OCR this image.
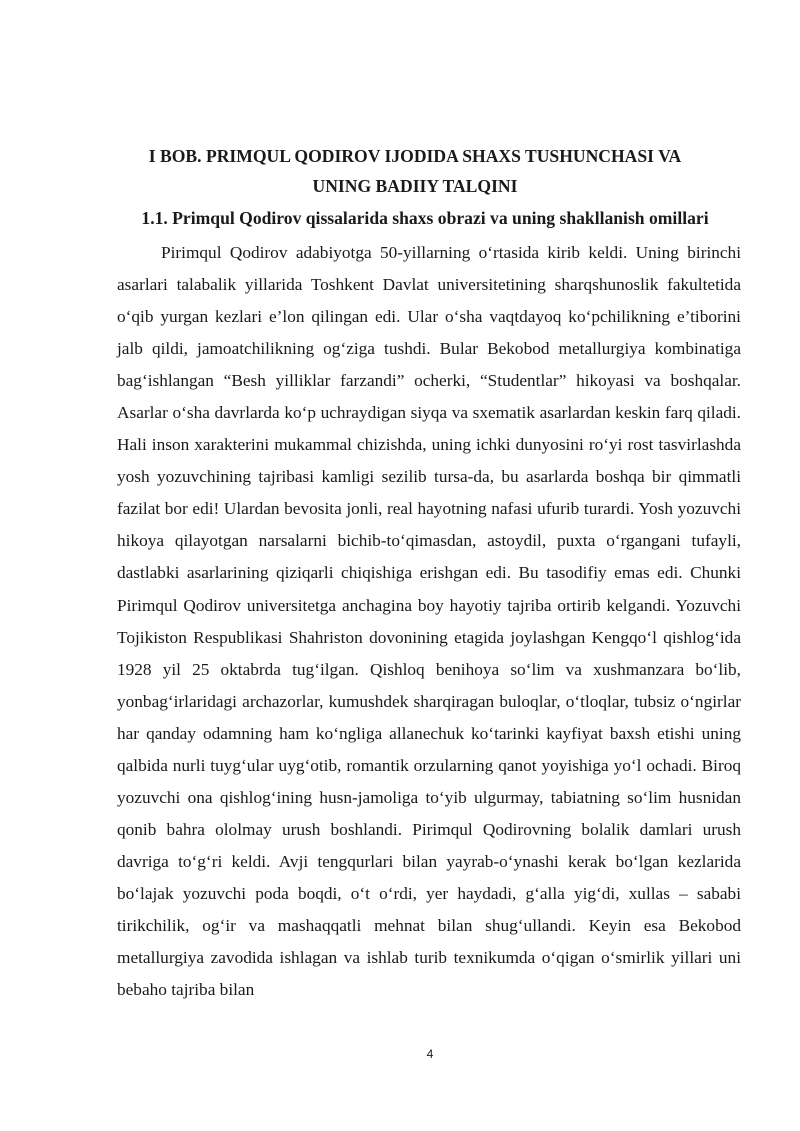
I BOB. PRIMQUL QODIROV IJODIDA SHAXS TUSHUNCHASI VA
UNING BADIIY TALQINI
1.1. Primqul Qodirov qissalarida shaxs obrazi va uning shakllanish omillari

Pirimqul Qodirov adabiyotga 50-yillarning o‘rtasida kirib keldi. Uning birinchi asarlari talabalik yillarida Toshkent Davlat universitetining sharqshunoslik fakultetida o‘qib yurgan kezlari e’lon qilingan edi. Ular o‘sha vaqtdayoq ko‘pchilikning e’tiborini jalb qildi, jamoatchilikning og‘ziga tushdi. Bular Bekobod metallurgiya kombinatiga bag‘ishlangan “Besh yilliklar farzandi” ocherki, “Studentlar” hikoyasi va boshqalar. Asarlar o‘sha davrlarda ko‘p uchraydigan siyqa va sxematik asarlardan keskin farq qiladi. Hali inson xarakterini mukammal chizishda, uning ichki dunyosini ro‘yi rost tasvirlashda yosh yozuvchining tajribasi kamligi sezilib tursa-da, bu asarlarda boshqa bir qimmatli fazilat bor edi! Ulardan bevosita jonli, real hayotning nafasi ufurib turardi. Yosh yozuvchi hikoya qilayotgan narsalarni bichib-to‘qimasdan, astoydil, puxta o‘rgangani tufayli, dastlabki asarlarining qiziqarli chiqishiga erishgan edi. Bu tasodifiy emas edi. Chunki Pirimqul Qodirov universitetga anchagina boy hayotiy tajriba ortirib kelgandi. Yozuvchi Tojikiston Respublikasi Shahriston dovonining etagida joylashgan Kengqo‘l qishlog‘ida 1928 yil 25 oktabrda tug‘ilgan. Qishloq benihoya so‘lim va xushmanzara bo‘lib, yonbag‘irlaridagi archazorlar, kumushdek sharqiragan buloqlar, o‘tloqlar, tubsiz o‘ngirlar har qanday odamning ham ko‘ngliga allanechuk ko‘tarinki kayfiyat baxsh etishi uning qalbida nurli tuyg‘ular uyg‘otib, romantik orzularning qanot yoyishiga yo‘l ochadi. Biroq yozuvchi ona qishlog‘ining husn-jamoliga to‘yib ulgurmay, tabiatning so‘lim husnidan qonib bahra ololmay urush boshlandi. Pirimqul Qodirovning bolalik damlari urush davriga to‘g‘ri keldi. Avji tengqurlari bilan yayrab-o‘ynashi kerak bo‘lgan kezlarida bo‘lajak yozuvchi poda boqdi, o‘t o‘rdi, yer haydadi, g‘alla yig‘di, xullas – sababi tirikchilik, og‘ir va mashaqqatli mehnat bilan shug‘ullandi. Keyin esa Bekobod metallurgiya zavodida ishlagan va ishlab turib texnikumda o‘qigan o‘smirlik yillari uni bebaho tajriba bilan

4
